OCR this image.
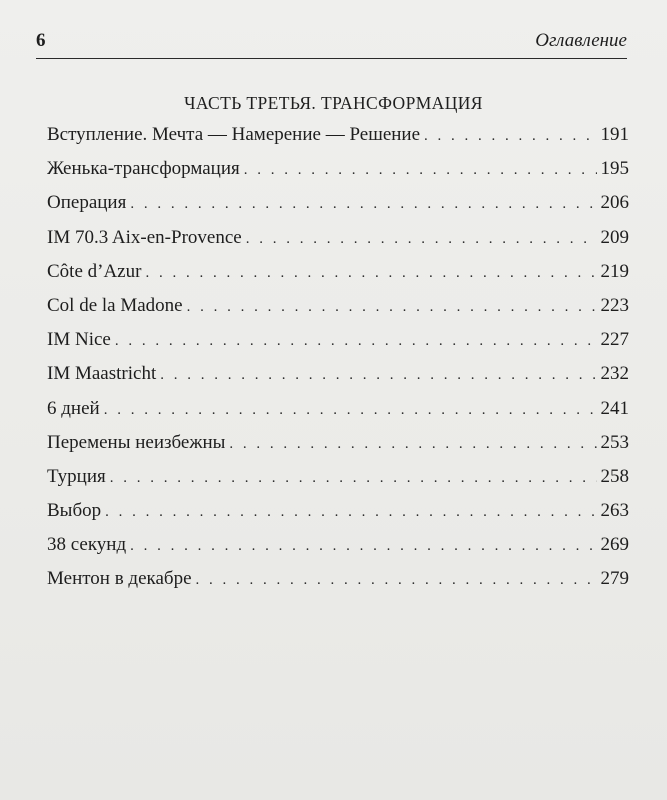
6	Оглавление
ЧАСТЬ ТРЕТЬЯ. ТРАНСФОРМАЦИЯ
Вступление. Мечта — Намерение — Решение . . .	191
Женька-трансформация . . .	195
Операция . . .	206
IM 70.3 Aix-en-Provence . . .	209
Côte d’Azur . . .	219
Col de la Madone . . .	223
IM Nice . . .	227
IM Maastricht . . .	232
6 дней . . .	241
Перемены неизбежны . . .	253
Турция . . .	258
Выбор . . .	263
38 секунд . . .	269
Ментон в декабре . . .	279
